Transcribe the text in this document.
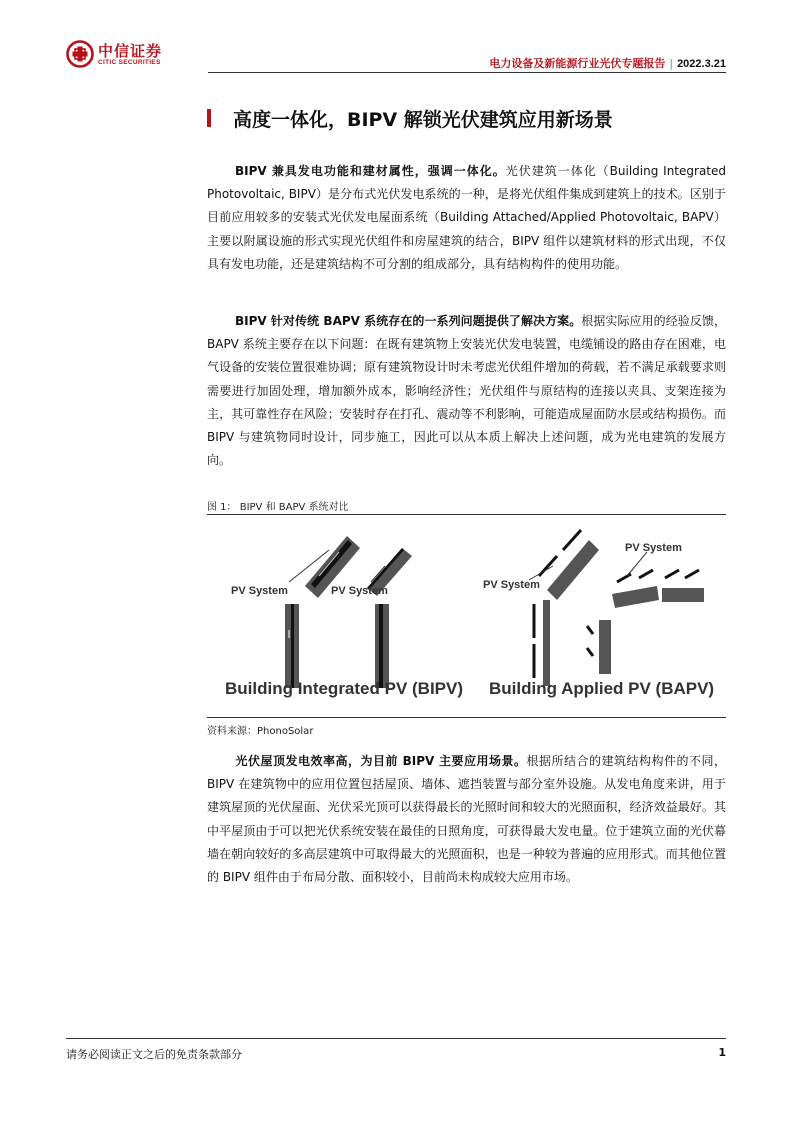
中信证券
CITIC SECURITIES	电力设备及新能源行业光伏专题报告 | 2022.3.21
高度一体化，BIPV 解锁光伏建筑应用新场景

BIPV 兼具发电功能和建材属性，强调一体化。光伏建筑一体化（Building Integrated Photovoltaic, BIPV）是分布式光伏发电系统的一种，是将光伏组件集成到建筑上的技术。区别于目前应用较多的安装式光伏发电屋面系统（Building Attached/Applied Photovoltaic, BAPV）主要以附属设施的形式实现光伏组件和房屋建筑的结合，BIPV 组件以建筑材料的形式出现，不仅具有发电功能，还是建筑结构不可分割的组成部分，具有结构构件的使用功能。

BIPV 针对传统 BAPV 系统存在的一系列问题提供了解决方案。根据实际应用的经验反馈，BAPV 系统主要存在以下问题：在既有建筑物上安装光伏发电装置，电缆铺设的路由存在困难，电气设备的安装位置很难协调；原有建筑物设计时未考虑光伏组件增加的荷载，若不满足承载要求则需要进行加固处理，增加额外成本，影响经济性；光伏组件与原结构的连接以夹具、支架连接为主，其可靠性存在风险；安装时存在打孔、震动等不利影响，可能造成屋面防水层或结构损伤。而 BIPV 与建筑物同时设计，同步施工，因此可以从本质上解决上述问题，成为光电建筑的发展方向。

图 1： BIPV 和 BAPV 系统对比
PV System	PV System	PV System
PV System
Building Integrated PV (BIPV) Building Applied PV (BAPV)
资料来源：PhonoSolar

光伏屋顶发电效率高，为目前 BIPV 主要应用场景。根据所结合的建筑结构构件的不同，BIPV 在建筑物中的应用位置包括屋顶、墙体、遮挡装置与部分室外设施。从发电角度来讲，用于建筑屋顶的光伏屋面、光伏采光顶可以获得最长的光照时间和较大的光照面积，经济效益最好。其中平屋顶由于可以把光伏系统安装在最佳的日照角度，可获得最大发电量。位于建筑立面的光伏幕墙在朝向较好的多高层建筑中可取得最大的光照面积，也是一种较为普遍的应用形式。而其他位置的 BIPV 组件由于布局分散、面积较小，目前尚未构成较大应用市场。

请务必阅读正文之后的免责条款部分	1
